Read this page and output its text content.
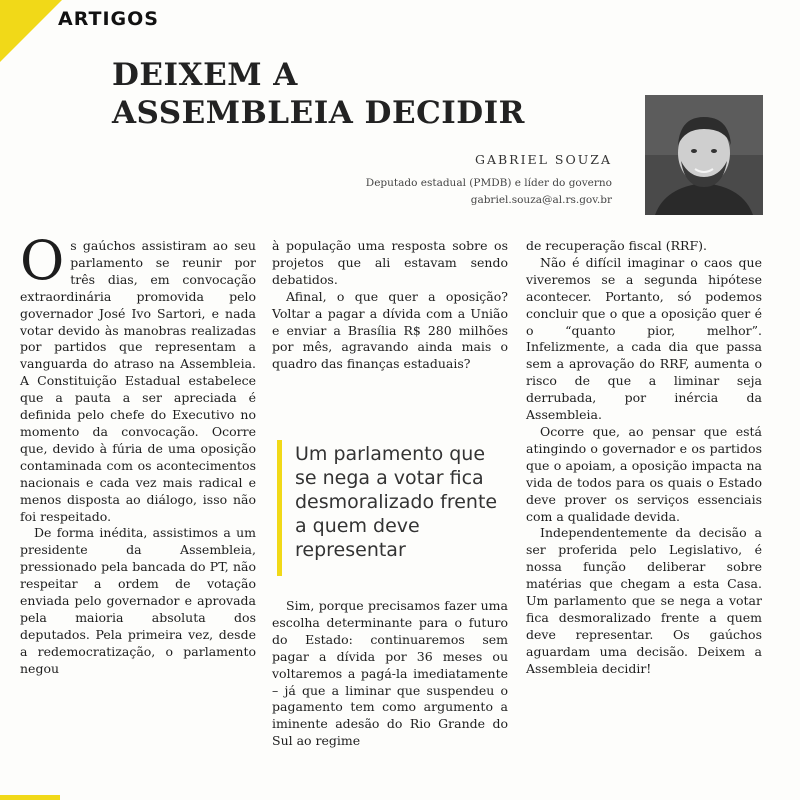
ARTIGOS
DEIXEM A
ASSEMBLEIA DECIDIR
GABRIEL SOUZA
Deputado estadual (PMDB) e líder do governo
gabriel.souza@al.rs.gov.br

Os gaúchos assistiram ao seu parlamento se reunir por três dias, em convocação extraordinária promovida pelo governador José Ivo Sartori, e nada votar devido às manobras realizadas por partidos que representam a vanguarda do atraso na Assembleia. A Constituição Estadual estabelece que a pauta a ser apreciada é definida pelo chefe do Executivo no momento da convocação. Ocorre que, devido à fúria de uma oposição contaminada com os acontecimentos nacionais e cada vez mais radical e menos disposta ao diálogo, isso não foi respeitado.

De forma inédita, assistimos a um presidente da Assembleia, pressionado pela bancada do PT, não respeitar a ordem de votação enviada pelo governador e aprovada pela maioria absoluta dos deputados. Pela primeira vez, desde a redemocratização, o parlamento negou

à população uma resposta sobre os projetos que ali estavam sendo debatidos.

Afinal, o que quer a oposição? Voltar a pagar a dívida com a União e enviar a Brasília R$ 280 milhões por mês, agravando ainda mais o quadro das finanças estaduais?

Um parlamento que se nega a votar fica desmoralizado frente a quem deve representar

Sim, porque precisamos fazer uma escolha determinante para o futuro do Estado: continuaremos sem pagar a dívida por 36 meses ou voltaremos a pagá-la imediatamente – já que a liminar que suspendeu o pagamento tem como argumento a iminente adesão do Rio Grande do Sul ao regime

de recuperação fiscal (RRF).

Não é difícil imaginar o caos que viveremos se a segunda hipótese acontecer. Portanto, só podemos concluir que o que a oposição quer é o “quanto pior, melhor”. Infelizmente, a cada dia que passa sem a aprovação do RRF, aumenta o risco de que a liminar seja derrubada, por inércia da Assembleia.

Ocorre que, ao pensar que está atingindo o governador e os partidos que o apoiam, a oposição impacta na vida de todos para os quais o Estado deve prover os serviços essenciais com a qualidade devida.

Independentemente da decisão a ser proferida pelo Legislativo, é nossa função deliberar sobre matérias que chegam a esta Casa. Um parlamento que se nega a votar fica desmoralizado frente a quem deve representar. Os gaúchos aguardam uma decisão. Deixem a Assembleia decidir!
